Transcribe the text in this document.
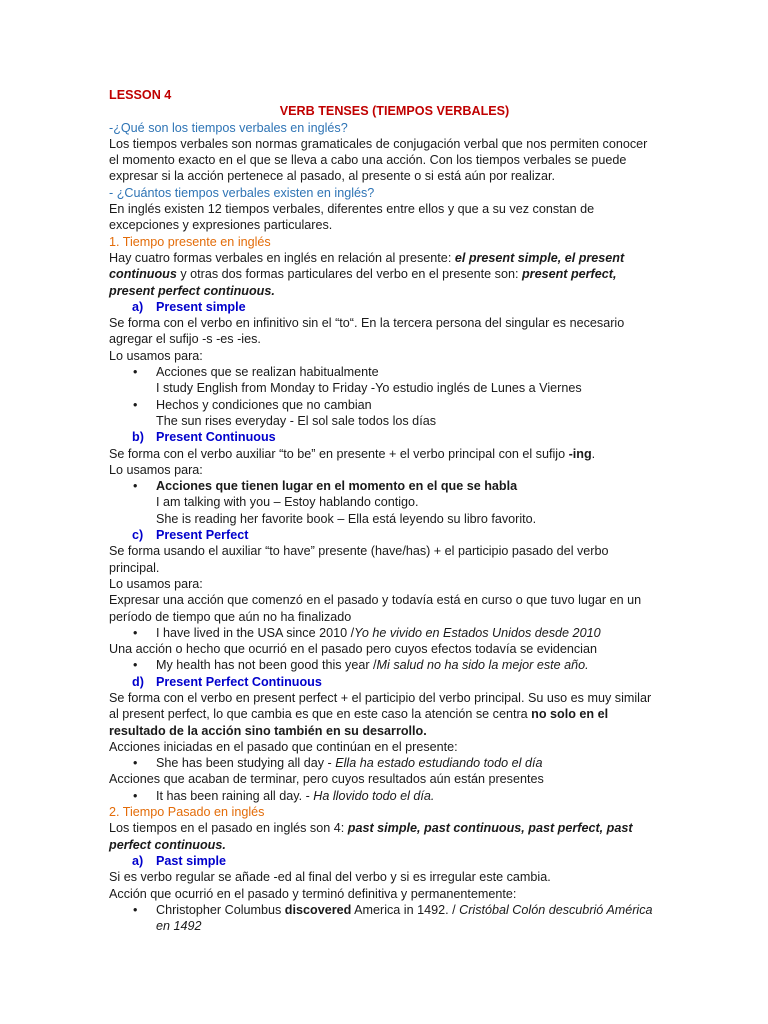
LESSON 4

VERB TENSES (TIEMPOS VERBALES)

-¿Qué son los tiempos verbales en inglés?

Los tiempos verbales son normas gramaticales de conjugación verbal que nos permiten conocer el momento exacto en el que se lleva a cabo una acción. Con los tiempos verbales se puede expresar si la acción pertenece al pasado, al presente o si está aún por realizar.

- ¿Cuántos tiempos verbales existen en inglés?

En inglés existen 12 tiempos verbales, diferentes entre ellos y que a su vez constan de excepciones y expresiones particulares.

1. Tiempo presente en inglés

Hay cuatro formas verbales en inglés en relación al presente: el present simple, el present continuous y otras dos formas particulares del verbo en el presente son: present perfect, present perfect continuous.

a) Present simple

Se forma con el verbo en infinitivo sin el “to“. En la tercera persona del singular es necesario agregar el sufijo -s -es -ies.

Lo usamos para:

• Acciones que se realizan habitualmente

I study English from Monday to Friday -Yo estudio inglés de Lunes a Viernes

• Hechos y condiciones que no cambian

The sun rises everyday - El sol sale todos los días

b) Present Continuous

Se forma con el verbo auxiliar “to be” en presente + el verbo principal con el sufijo -ing.

Lo usamos para:

• Acciones que tienen lugar en el momento en el que se habla

I am talking with you – Estoy hablando contigo.

She is reading her favorite book – Ella está leyendo su libro favorito.

c) Present Perfect

Se forma usando el auxiliar “to have” presente (have/has) + el participio pasado del verbo principal.

Lo usamos para:

Expresar una acción que comenzó en el pasado y todavía está en curso o que tuvo lugar en un período de tiempo que aún no ha finalizado

• I have lived in the USA since 2010 /Yo he vivido en Estados Unidos desde 2010

Una acción o hecho que ocurrió en el pasado pero cuyos efectos todavía se evidencian

• My health has not been good this year /Mi salud no ha sido la mejor este año.

d) Present Perfect Continuous

Se forma con el verbo en present perfect + el participio del verbo principal. Su uso es muy similar al present perfect, lo que cambia es que en este caso la atención se centra no solo en el resultado de la acción sino también en su desarrollo.

Acciones iniciadas en el pasado que continúan en el presente:

• She has been studying all day - Ella ha estado estudiando todo el día

Acciones que acaban de terminar, pero cuyos resultados aún están presentes

• It has been raining all day. - Ha llovido todo el día.

2. Tiempo Pasado en inglés

Los tiempos en el pasado en inglés son 4: past simple, past continuous, past perfect, past perfect continuous.

a) Past simple

Si es verbo regular se añade -ed al final del verbo y si es irregular este cambia.

Acción que ocurrió en el pasado y terminó definitiva y permanentemente:

• Christopher Columbus discovered America in 1492. / Cristóbal Colón descubrió América en 1492
